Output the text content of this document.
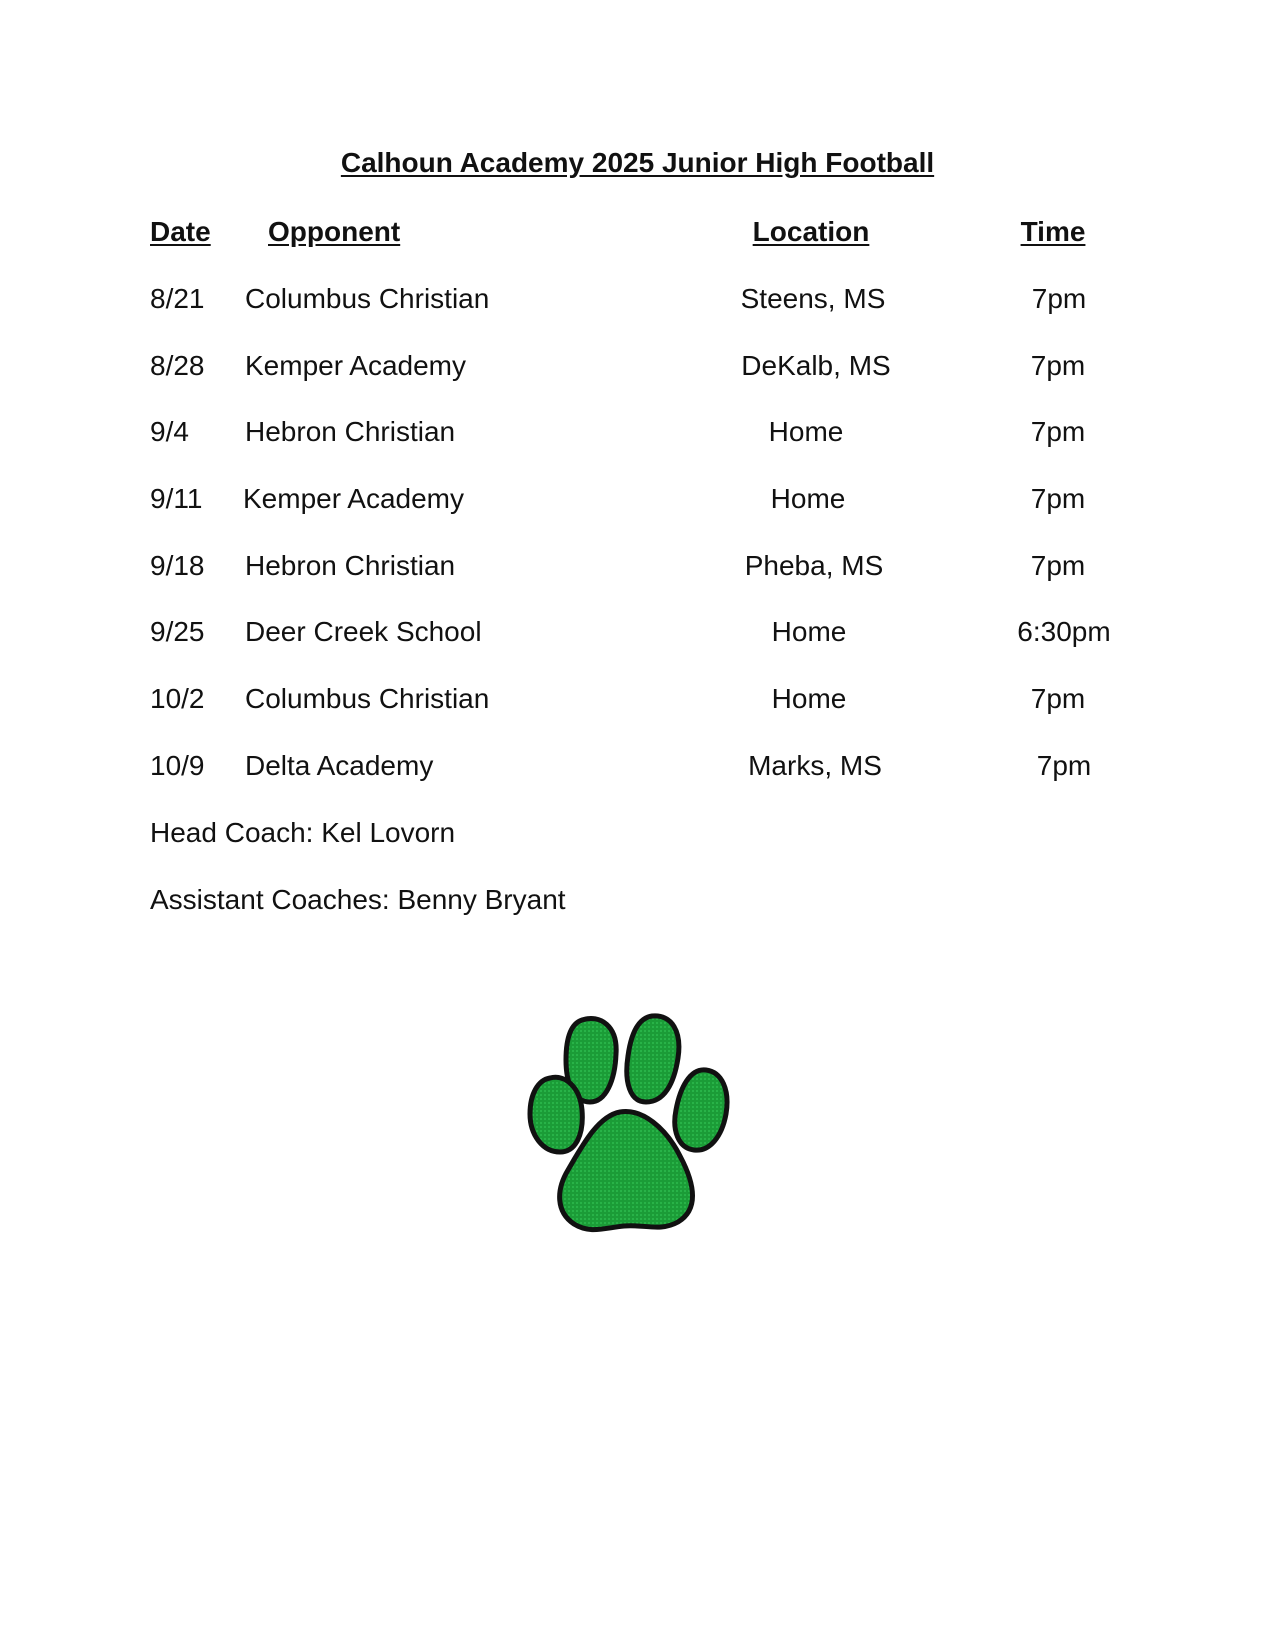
Calhoun Academy 2025 Junior High Football
Date Opponent	Location	Time
8/21 Columbus Christian	Steens, MS	7pm
8/28 Kemper Academy	DeKalb, MS	7pm
9/4 Hebron Christian	Home	7pm
9/11 Kemper Academy	Home	7pm
9/18 Hebron Christian	Pheba, MS	7pm
9/25 Deer Creek School	Home	6:30pm
10/2 Columbus Christian	Home	7pm
10/9 Delta Academy	Marks, MS	7pm
Head Coach: Kel Lovorn
Assistant Coaches: Benny Bryant
